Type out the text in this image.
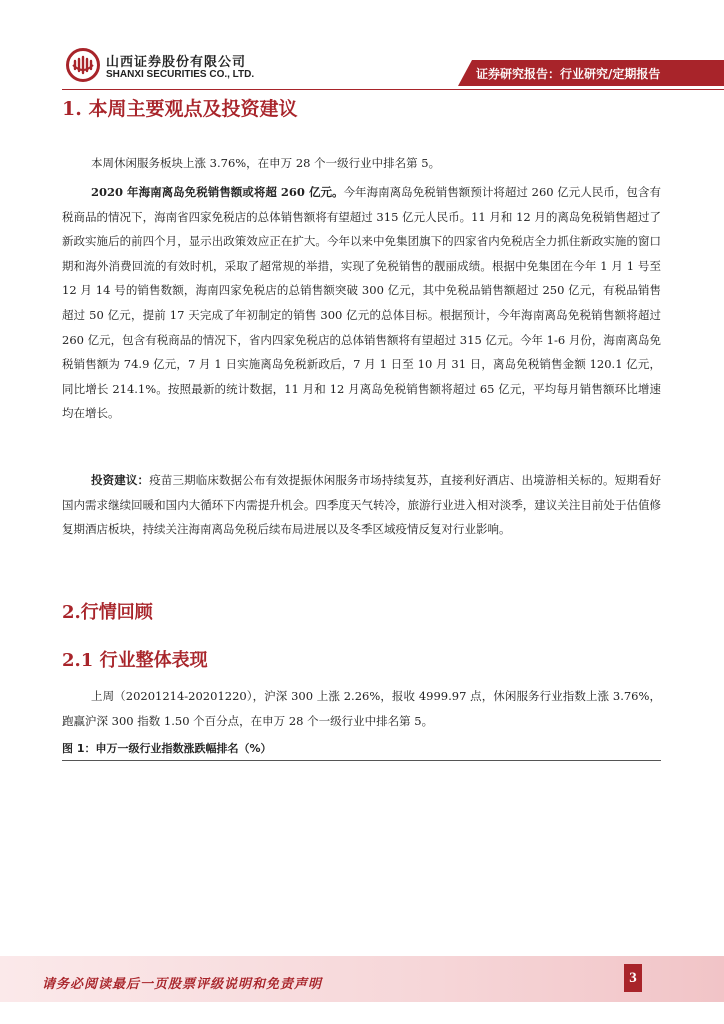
山西证券股份有限公司
SHANXI SECURITIES CO., LTD.	证券研究报告：行业研究/定期报告
1. 本周主要观点及投资建议

本周休闲服务板块上涨 3.76%，在申万 28 个一级行业中排名第 5。

2020 年海南离岛免税销售额或将超 260 亿元。今年海南离岛免税销售额预计将超过 260 亿元人民币，包含有税商品的情况下，海南省四家免税店的总体销售额将有望超过 315 亿元人民币。11 月和 12 月的离岛免税销售超过了新政实施后的前四个月，显示出政策效应正在扩大。今年以来中免集团旗下的四家省内免税店全力抓住新政实施的窗口期和海外消费回流的有效时机，采取了超常规的举措，实现了免税销售的靓丽成绩。根据中免集团在今年 1 月 1 号至 12 月 14 号的销售数额，海南四家免税店的总销售额突破 300 亿元，其中免税品销售额超过 250 亿元，有税品销售超过 50 亿元，提前 17 天完成了年初制定的销售 300 亿元的总体目标。根据预计，今年海南离岛免税销售额将超过 260 亿元，包含有税商品的情况下，省内四家免税店的总体销售额将有望超过 315 亿元。今年 1-6 月份，海南离岛免税销售额为 74.9 亿元，7 月 1 日实施离岛免税新政后，7 月 1 日至 10 月 31 日，离岛免税销售金额 120.1 亿元，同比增长 214.1%。按照最新的统计数据，11 月和 12 月离岛免税销售额将超过 65 亿元，平均每月销售额环比增速均在增长。

投资建议：疫苗三期临床数据公布有效提振休闲服务市场持续复苏，直接利好酒店、出境游相关标的。短期看好国内需求继续回暖和国内大循环下内需提升机会。四季度天气转冷，旅游行业进入相对淡季，建议关注目前处于估值修复期酒店板块，持续关注海南离岛免税后续布局进展以及冬季区域疫情反复对行业影响。

2.行情回顾
2.1 行业整体表现

上周（20201214-20201220），沪深 300 上涨 2.26%，报收 4999.97 点，休闲服务行业指数上涨 3.76%，跑赢沪深 300 指数 1.50 个百分点，在申万 28 个一级行业中排名第 5。

图 1：申万一级行业指数涨跌幅排名（%）
请务必阅读最后一页股票评级说明和免责声明	3
